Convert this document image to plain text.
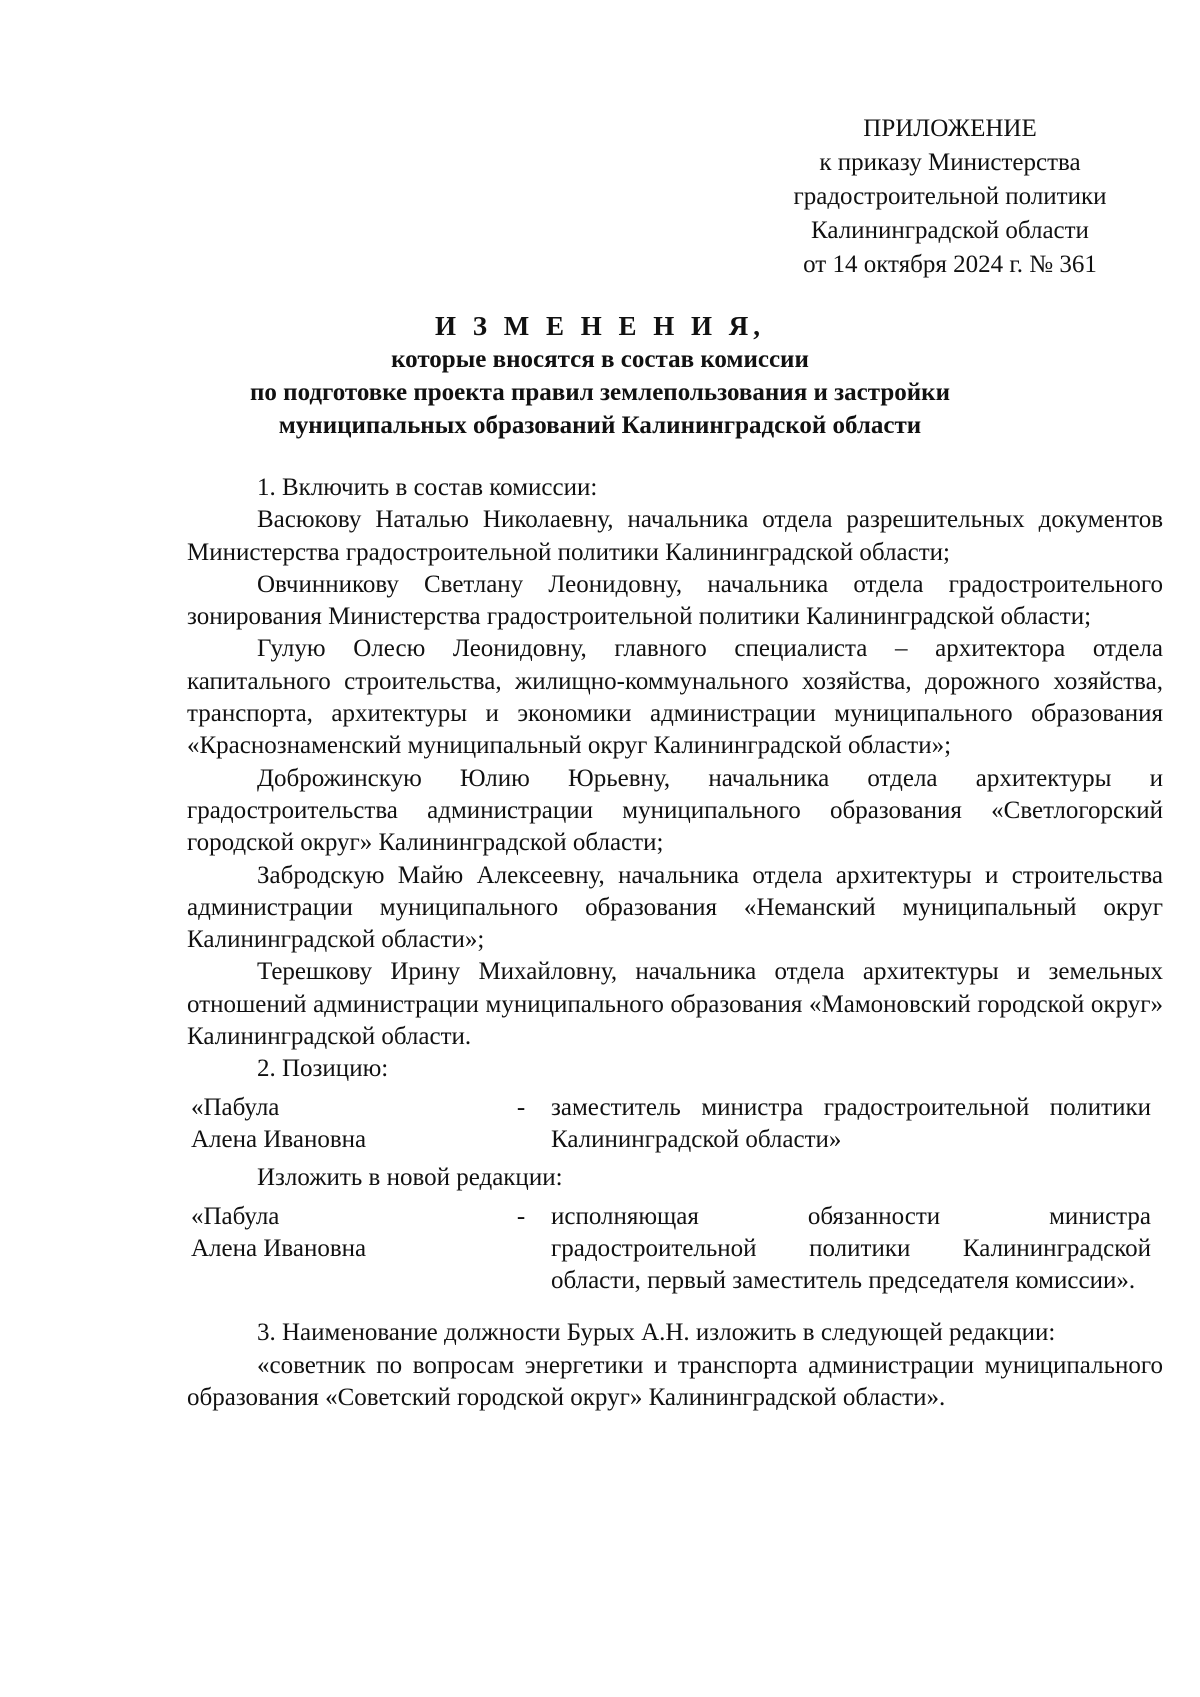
ПРИЛОЖЕНИЕ
к приказу Министерства
градостроительной политики
Калининградской области
от 14 октября 2024 г. № 361
И З М Е Н Е Н И Я,
которые вносятся в состав комиссии
по подготовке проекта правил землепользования и застройки
муниципальных образований Калининградской области

1. Включить в состав комиссии:

Васюкову Наталью Николаевну, начальника отдела разрешительных документов Министерства градостроительной политики Калининградской области;

Овчинникову Светлану Леонидовну, начальника отдела градостроительного зонирования Министерства градостроительной политики Калининградской области;

Гулую Олесю Леонидовну, главного специалиста – архитектора отдела капитального строительства, жилищно-коммунального хозяйства, дорожного хозяйства, транспорта, архитектуры и экономики администрации муниципального образования «Краснознаменский муниципальный округ Калининградской области»;

Доброжинскую Юлию Юрьевну, начальника отдела архитектуры и градостроительства администрации муниципального образования «Светлогорский городской округ» Калининградской области;

Забродскую Майю Алексеевну, начальника отдела архитектуры и строительства администрации муниципального образования «Неманский муниципальный округ Калининградской области»;

Терешкову Ирину Михайловну, начальника отдела архитектуры и земельных отношений администрации муниципального образования «Мамоновский городской округ» Калининградской области.

2. Позицию:

«Пабула
Алена Ивановна
-	заместитель министра градостроительной политики Калининградской области»

Изложить в новой редакции:

«Пабула
Алена Ивановна
-	исполняющая обязанности министра градостроительной политики Калининградской области, первый заместитель председателя комиссии».

3. Наименование должности Бурых А.Н. изложить в следующей редакции:

«советник по вопросам энергетики и транспорта администрации муниципального образования «Советский городской округ» Калининградской области».
